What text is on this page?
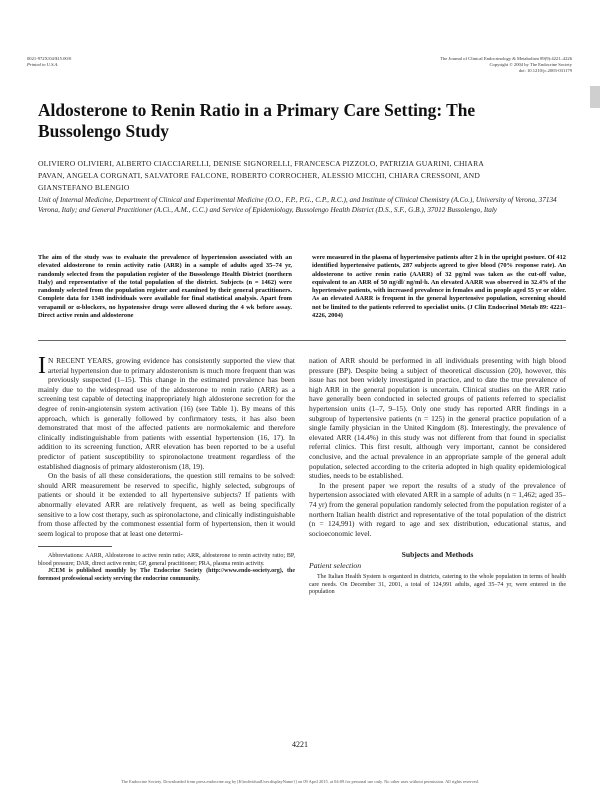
0021-972X/04/$15.00/0
Printed in U.S.A.
The Journal of Clinical Endocrinology & Metabolism 89(9):4221–4226
Copyright © 2004 by The Endocrine Society
doi: 10.1210/jc.2003-031179
Aldosterone to Renin Ratio in a Primary Care Setting: The Bussolengo Study
OLIVIERO OLIVIERI, ALBERTO CIACCIARELLI, DENISE SIGNORELLI, FRANCESCA PIZZOLO, PATRIZIA GUARINI, CHIARA PAVAN, ANGELA CORGNATI, SALVATORE FALCONE, ROBERTO CORROCHER, ALESSIO MICCHI, CHIARA CRESSONI, AND GIANSTEFANO BLENGIO
Unit of Internal Medicine, Department of Clinical and Experimental Medicine (O.O., F.P., P.G., C.P., R.C.), and Institute of Clinical Chemistry (A.Co.), University of Verona, 37134 Verona, Italy; and General Practitioner (A.Ci., A.M., C.C.) and Service of Epidemiology, Bussolengo Health District (D.S., S.F., G.B.), 37012 Bussolengo, Italy
The aim of the study was to evaluate the prevalence of hypertension associated with an elevated aldosterone to renin activity ratio (ARR) in a sample of adults aged 35–74 yr, randomly selected from the population register of the Bussolengo Health District (northern Italy) and representative of the total population of the district. Subjects (n = 1462) were randomly selected from the population register and examined by their general practitioners. Complete data for 1348 individuals were available for final statistical analysis. Apart from verapamil or α-blockers, no hypotensive drugs were allowed during the 4 wk before assay. Direct active renin and aldosterone
were measured in the plasma of hypertensive patients after 2 h in the upright posture. Of 412 identified hypertensive patients, 287 subjects agreed to give blood (70% response rate). An aldosterone to active renin ratio (AARR) of 32 pg/ml was taken as the cut-off value, equivalent to an ARR of 50 ng/dl/ ng/ml·h. An elevated AARR was observed in 32.4% of the hypertensive patients, with increased prevalence in females and in people aged 55 yr or older. As an elevated AARR is frequent in the general hypertensive population, screening should not be limited to the patients referred to specialist units. (J Clin Endocrinol Metab 89: 4221–4226, 2004)

IN RECENT YEARS, growing evidence has consistently supported the view that arterial hypertension due to primary aldosteronism is much more frequent than was previously suspected (1–15). This change in the estimated prevalence has been mainly due to the widespread use of the aldosterone to renin ratio (ARR) as a screening test capable of detecting inappropriately high aldosterone secretion for the degree of renin-angiotensin system activation (16) (see Table 1). By means of this approach, which is generally followed by confirmatory tests, it has also been demonstrated that most of the affected patients are normokalemic and therefore clinically indistinguishable from patients with essential hypertension (16, 17). In addition to its screening function, ARR elevation has been reported to be a useful predictor of patient susceptibility to spironolactone treatment regardless of the established diagnosis of primary aldosteronism (18, 19).

On the basis of all these considerations, the question still remains to be solved: should ARR measurement be reserved to specific, highly selected, subgroups of patients or should it be extended to all hypertensive subjects? If patients with abnormally elevated ARR are relatively frequent, as well as being specifically sensitive to a low cost therapy, such as spironolactone, and clinically indistinguishable from those affected by the commonest essential form of hypertension, then it would seem logical to propose that at least one determi-

Abbreviations: AARR, Aldosterone to active renin ratio; ARR, aldosterone to renin activity ratio; BP, blood pressure; DAR, direct active renin; GP, general practitioner; PRA, plasma renin activity.

JCEM is published monthly by The Endocrine Society (http://www.endo-society.org), the foremost professional society serving the endocrine community.

nation of ARR should be performed in all individuals presenting with high blood pressure (BP). Despite being a subject of theoretical discussion (20), however, this issue has not been widely investigated in practice, and to date the true prevalence of high ARR in the general population is uncertain. Clinical studies on the ARR ratio have generally been conducted in selected groups of patients referred to specialist hypertension units (1–7, 9–15). Only one study has reported ARR findings in a subgroup of hypertensive patients (n = 125) in the general practice population of a single family physician in the United Kingdom (8). Interestingly, the prevalence of elevated ARR (14.4%) in this study was not different from that found in specialist referral clinics. This first result, although very important, cannot be considered conclusive, and the actual prevalence in an appropriate sample of the general adult population, selected according to the criteria adopted in high quality epidemiological studies, needs to be established.

In the present paper we report the results of a study of the prevalence of hypertension associated with elevated ARR in a sample of adults (n = 1,462; aged 35–74 yr) from the general population randomly selected from the population register of a northern Italian health district and representative of the total population of the district (n = 124,991) with regard to age and sex distribution, educational status, and socioeconomic level.

Subjects and Methods
Patient selection

The Italian Health System is organized in districts, catering to the whole population in terms of health care needs. On December 31, 2001, a total of 124,991 adults, aged 35–74 yr, were entered in the population

4221
The Endocrine Society. Downloaded from press.endocrine.org by [${individualUser.displayName}] on 09 April 2015. at 04:09 for personal use only. No other uses without permission. All rights reserved.
